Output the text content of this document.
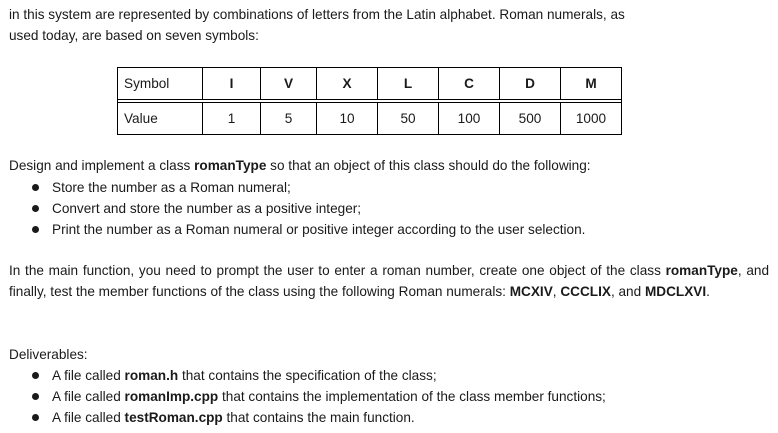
in this system are represented by combinations of letters from the Latin alphabet. Roman numerals, as
used today, are based on seven symbols:

Symbol	I	V	X	L	C	D	M

Value	1	5	10	50	100	500	1000

Design and implement a class romanType so that an object of this class should do the following:

Store the number as a Roman numeral;
Convert and store the number as a positive integer;
Print the number as a Roman numeral or positive integer according to the user selection.

In the main function, you need to prompt the user to enter a roman number, create one object of the class romanType, and finally, test the member functions of the class using the following Roman numerals: MCXIV, CCCLIX, and MDCLXVI.

Deliverables:

A file called roman.h that contains the specification of the class;
A file called romanImp.cpp that contains the implementation of the class member functions;
A file called testRoman.cpp that contains the main function.
